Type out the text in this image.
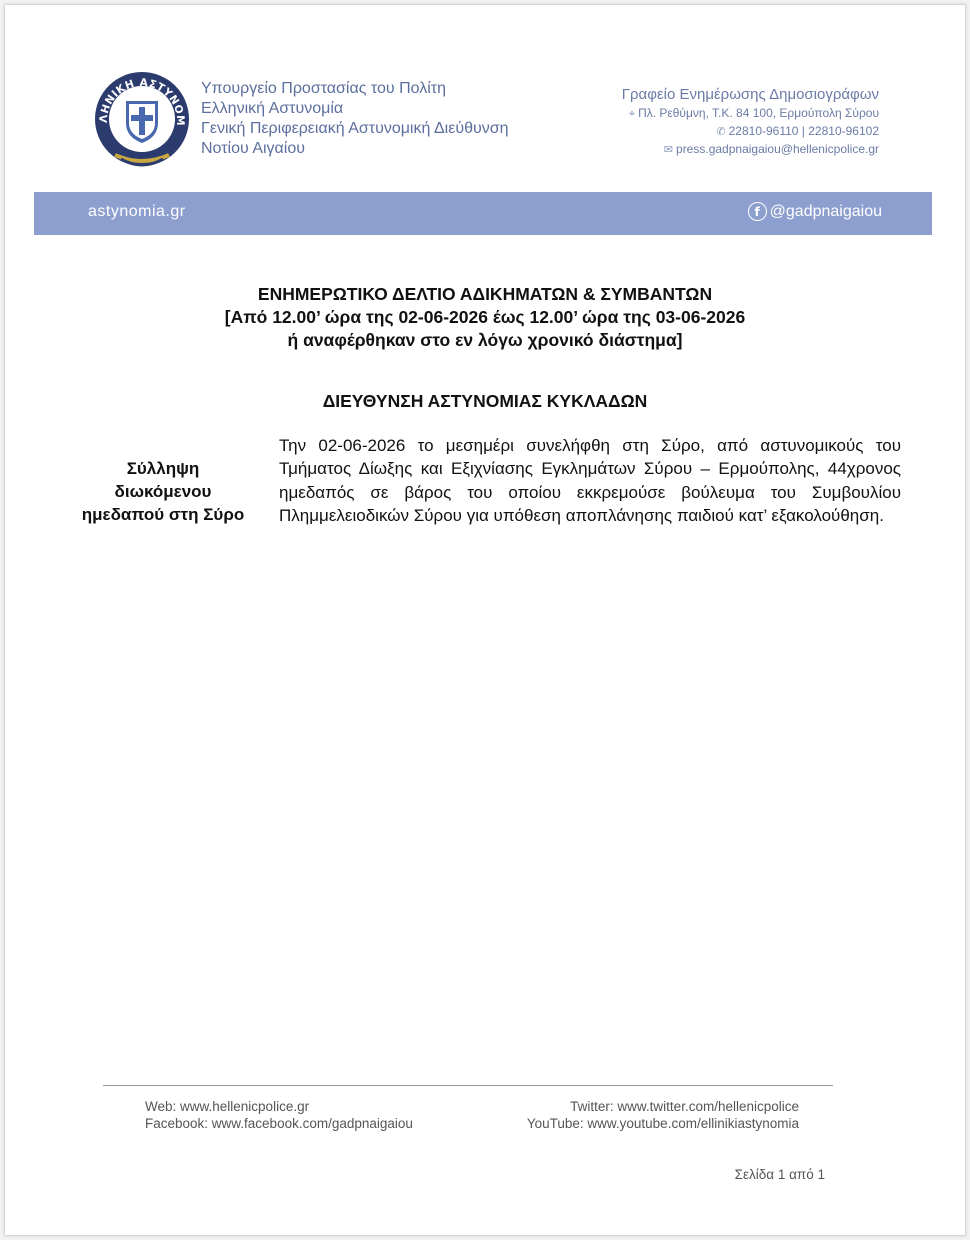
ΛΗΝΙΚΗ ΑΣΤΥΝΟΜ
Υπουργείο Προστασίας του Πολίτη
Ελληνική Αστυνομία
Γενική Περιφερειακή Αστυνομική Διεύθυνση
Νοτίου Αιγαίου
Γραφείο Ενημέρωσης Δημοσιογράφων
⌖ Πλ. Ρεθύμνη, Τ.Κ. 84 100, Ερμούπολη Σύρου
✆ 22810-96110 | 22810-96102
✉ press.gadpnaigaiou@hellenicpolice.gr
astynomia.gr	f @gadpnaigaiou
ΕΝΗΜΕΡΩΤΙΚΟ ΔΕΛΤΙΟ ΑΔΙΚΗΜΑΤΩΝ & ΣΥΜΒΑΝΤΩΝ
[Από 12.00’ ώρα της 02-06-2026 έως 12.00’ ώρα της 03-06-2026
ή αναφέρθηκαν στο εν λόγω χρονικό διάστημα]
ΔΙΕΥΘΥΝΣΗ ΑΣΤΥΝΟΜΙΑΣ ΚΥΚΛΑΔΩΝ
Σύλληψη
διωκόμενου
ημεδαπού στη Σύρο
Την 02-06-2026 το μεσημέρι συνελήφθη στη Σύρο, από αστυνομικούς του Τμήματος Δίωξης και Εξιχνίασης Εγκλημάτων Σύρου – Ερμούπολης, 44χρονος ημεδαπός σε βάρος του οποίου εκκρεμούσε βούλευμα του Συμβουλίου Πλημμελειοδικών Σύρου για υπόθεση αποπλάνησης παιδιού κατ’ εξακολούθηση.
Web: www.hellenicpolice.gr
Facebook: www.facebook.com/gadpnaigaiou
Twitter: www.twitter.com/hellenicpolice
YouTube: www.youtube.com/ellinikiastynomia
Σελίδα 1 από 1
